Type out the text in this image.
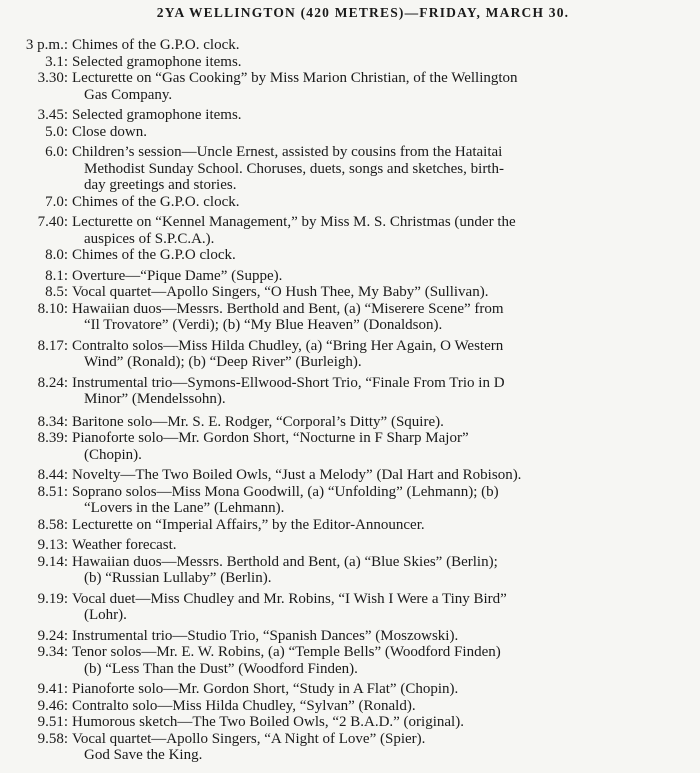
2YA WELLINGTON (420 METRES)—FRIDAY, MARCH 30.
3 p.m.: Chimes of the G.P.O. clock.
3.1: Selected gramophone items.
3.30: Lecturette on “Gas Cooking” by Miss Marion Christian, of the Wellington
Gas Company.
3.45: Selected gramophone items.
5.0: Close down.
6.0: Children’s session—Uncle Ernest, assisted by cousins from the Hataitai
Methodist Sunday School. Choruses, duets, songs and sketches, birth-
day greetings and stories.
7.0: Chimes of the G.P.O. clock.
7.40: Lecturette on “Kennel Management,” by Miss M. S. Christmas (under the
auspices of S.P.C.A.).
8.0: Chimes of the G.P.O clock.
8.1: Overture—“Pique Dame” (Suppe).
8.5: Vocal quartet—Apollo Singers, “O Hush Thee, My Baby” (Sullivan).
8.10: Hawaiian duos—Messrs. Berthold and Bent, (a) “Miserere Scene” from
“Il Trovatore” (Verdi); (b) “My Blue Heaven” (Donaldson).
8.17: Contralto solos—Miss Hilda Chudley, (a) “Bring Her Again, O Western
Wind” (Ronald); (b) “Deep River” (Burleigh).
8.24: Instrumental trio—Symons-Ellwood-Short Trio, “Finale From Trio in D
Minor” (Mendelssohn).
8.34: Baritone solo—Mr. S. E. Rodger, “Corporal’s Ditty” (Squire).
8.39: Pianoforte solo—Mr. Gordon Short, “Nocturne in F Sharp Major”
(Chopin).
8.44: Novelty—The Two Boiled Owls, “Just a Melody” (Dal Hart and Robison).
8.51: Soprano solos—Miss Mona Goodwill, (a) “Unfolding” (Lehmann); (b)
“Lovers in the Lane” (Lehmann).
8.58: Lecturette on “Imperial Affairs,” by the Editor-Announcer.
9.13: Weather forecast.
9.14: Hawaiian duos—Messrs. Berthold and Bent, (a) “Blue Skies” (Berlin);
(b) “Russian Lullaby” (Berlin).
9.19: Vocal duet—Miss Chudley and Mr. Robins, “I Wish I Were a Tiny Bird”
(Lohr).
9.24: Instrumental trio—Studio Trio, “Spanish Dances” (Moszowski).
9.34: Tenor solos—Mr. E. W. Robins, (a) “Temple Bells” (Woodford Finden)
(b) “Less Than the Dust” (Woodford Finden).
9.41: Pianoforte solo—Mr. Gordon Short, “Study in A Flat” (Chopin).
9.46: Contralto solo—Miss Hilda Chudley, “Sylvan” (Ronald).
9.51: Humorous sketch—The Two Boiled Owls, “2 B.A.D.” (original).
9.58: Vocal quartet—Apollo Singers, “A Night of Love” (Spier).
God Save the King.
